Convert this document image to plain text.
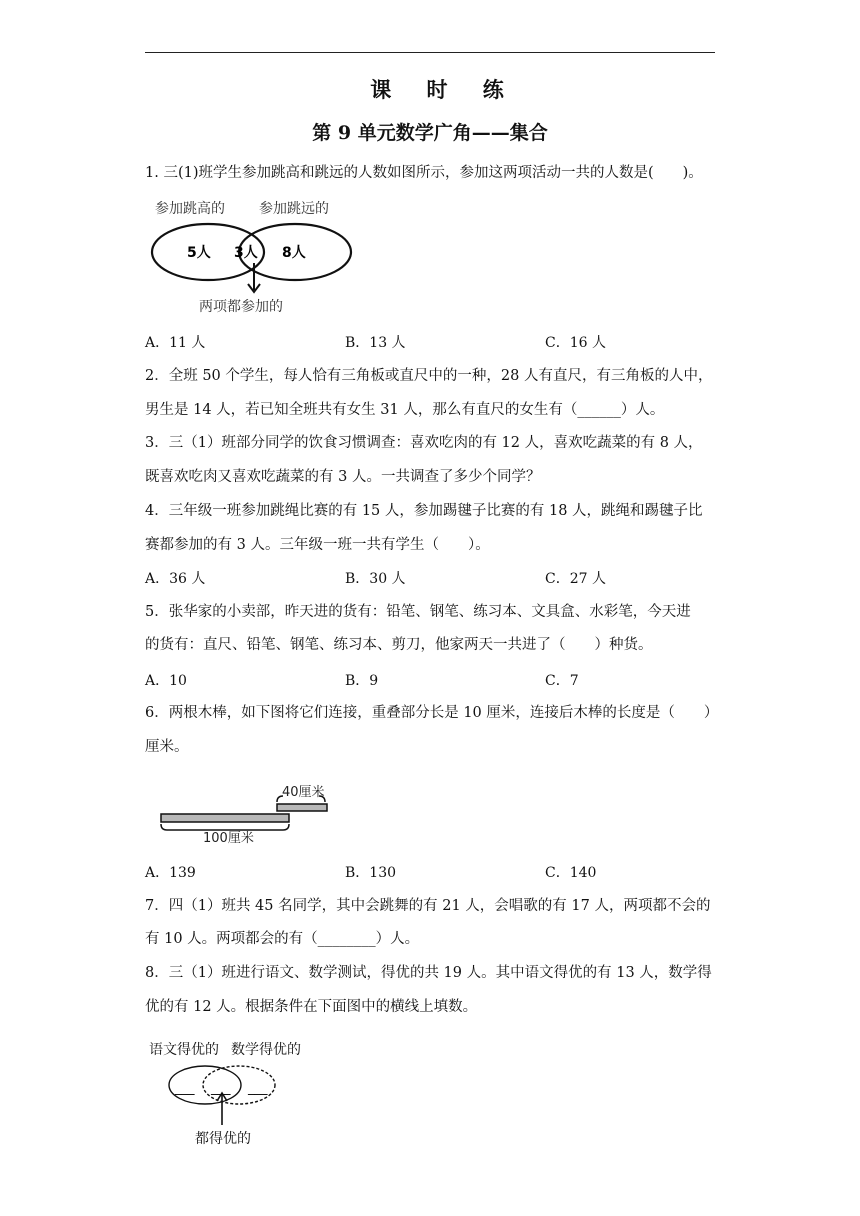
课 时 练
第 9 单元数学广角——集合
1. 三(1)班学生参加跳高和跳远的人数如图所示，参加这两项活动一共的人数是(　　)。
参加跳高的 参加跳远的
5人 3人 8人
两项都参加的
A．11 人	B．13 人	C．16 人
2．全班 50 个学生，每人恰有三角板或直尺中的一种，28 人有直尺，有三角板的人中，
男生是 14 人，若已知全班共有女生 31 人，那么有直尺的女生有（______）人。
3．三（1）班部分同学的饮食习惯调查：喜欢吃肉的有 12 人，喜欢吃蔬菜的有 8 人，
既喜欢吃肉又喜欢吃蔬菜的有 3 人。一共调查了多少个同学？
4．三年级一班参加跳绳比赛的有 15 人，参加踢毽子比赛的有 18 人，跳绳和踢毽子比
赛都参加的有 3 人。三年级一班一共有学生（　　）。
A．36 人	B．30 人	C．27 人
5．张华家的小卖部，昨天进的货有：铅笔、钢笔、练习本、文具盒、水彩笔，今天进
的货有：直尺、铅笔、钢笔、练习本、剪刀，他家两天一共进了（　　）种货。
A．10	B．9	C．7
6．两根木棒，如下图将它们连接，重叠部分长是 10 厘米，连接后木棒的长度是（　　）
厘米。
40厘米
100厘米
A．139	B．130	C．140
7．四（1）班共 45 名同学，其中会跳舞的有 21 人，会唱歌的有 17 人，两项都不会的
有 10 人。两项都会的有（________）人。
8．三（1）班进行语文、数学测试，得优的共 19 人。其中语文得优的有 13 人，数学得
优的有 12 人。根据条件在下面图中的横线上填数。
语文得优的 数学得优的
___ ___ ___
都得优的
